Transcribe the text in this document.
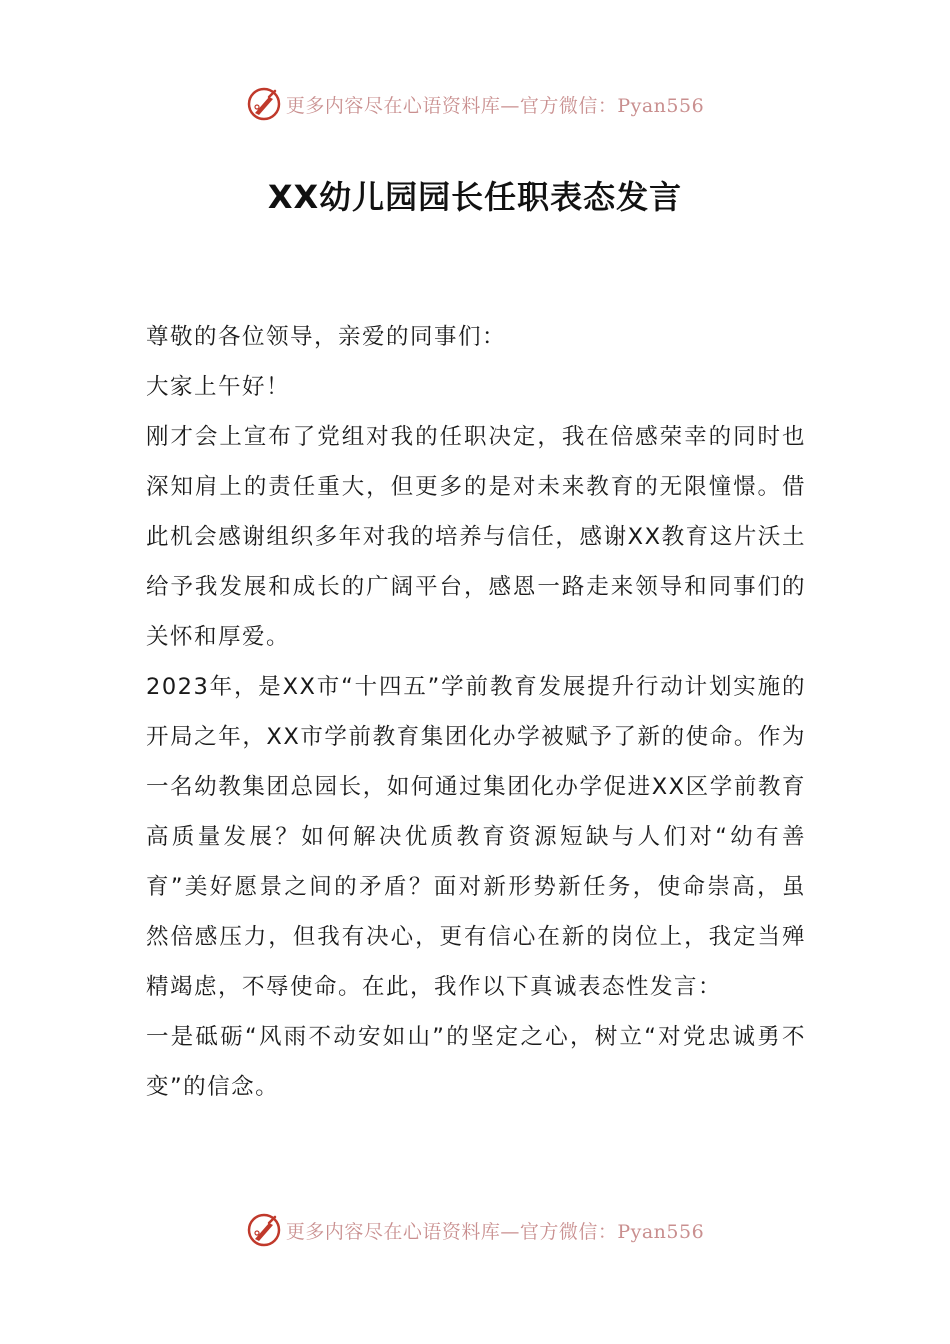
更多内容尽在心语资料库—官方微信：Pyan556
XX幼儿园园长任职表态发言

尊敬的各位领导，亲爱的同事们：

大家上午好！

刚才会上宣布了党组对我的任职决定，我在倍感荣幸的同时也深知肩上的责任重大，但更多的是对未来教育的无限憧憬。借此机会感谢组织多年对我的培养与信任，感谢XX教育这片沃土给予我发展和成长的广阔平台，感恩一路走来领导和同事们的关怀和厚爱。

2023年，是XX市“十四五”学前教育发展提升行动计划实施的开局之年，XX市学前教育集团化办学被赋予了新的使命。作为一名幼教集团总园长，如何通过集团化办学促进XX区学前教育高质量发展？如何解决优质教育资源短缺与人们对“幼有善育”美好愿景之间的矛盾？面对新形势新任务，使命崇高，虽然倍感压力，但我有决心，更有信心在新的岗位上，我定当殚精竭虑，不辱使命。在此，我作以下真诚表态性发言：

一是砥砺“风雨不动安如山”的坚定之心，树立“对党忠诚勇不变”的信念。

更多内容尽在心语资料库—官方微信：Pyan556
